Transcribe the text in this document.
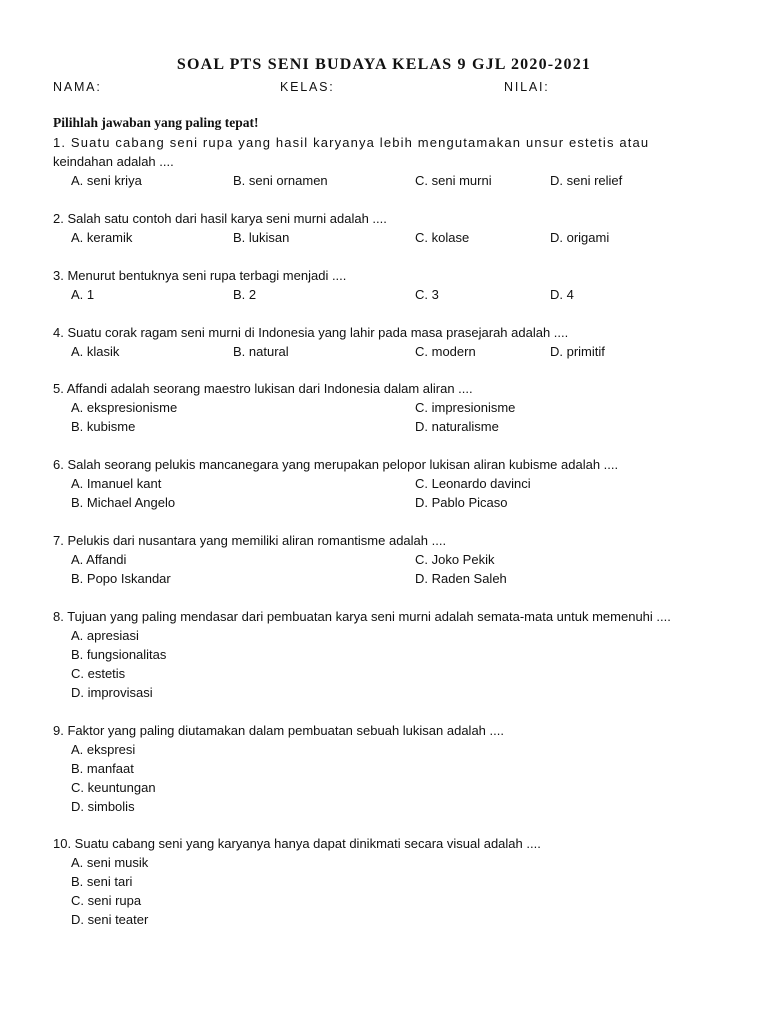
SOAL PTS SENI BUDAYA KELAS 9 GJL 2020-2021
NAMA:	KELAS:	NILAI:
Pilihlah jawaban yang paling tepat!
1. Suatu cabang seni rupa yang hasil karyanya lebih mengutamakan unsur estetis atau
keindahan adalah ....
A. seni kriya	B. seni ornamen	C. seni murni	D. seni relief
2. Salah satu contoh dari hasil karya seni murni adalah ....
A. keramik	B. lukisan	C. kolase	D. origami
3. Menurut bentuknya seni rupa terbagi menjadi ....
A. 1	B. 2	C. 3	D. 4
4. Suatu corak ragam seni murni di Indonesia yang lahir pada masa prasejarah adalah ....
A. klasik	B. natural	C. modern	D. primitif
5. Affandi adalah seorang maestro lukisan dari Indonesia dalam aliran ....
A. ekspresionisme	C. impresionisme
B. kubisme	D. naturalisme
6. Salah seorang pelukis mancanegara yang merupakan pelopor lukisan aliran kubisme adalah ....
A. Imanuel kant	C. Leonardo davinci
B. Michael Angelo	D. Pablo Picaso
7. Pelukis dari nusantara yang memiliki aliran romantisme adalah ....
A. Affandi	C. Joko Pekik
B. Popo Iskandar	D. Raden Saleh
8. Tujuan yang paling mendasar dari pembuatan karya seni murni adalah semata-mata untuk memenuhi ....
A. apresiasi
B. fungsionalitas
C. estetis
D. improvisasi
9. Faktor yang paling diutamakan dalam pembuatan sebuah lukisan adalah ....
A. ekspresi
B. manfaat
C. keuntungan
D. simbolis
10. Suatu cabang seni yang karyanya hanya dapat dinikmati secara visual adalah ....
A. seni musik
B. seni tari
C. seni rupa
D. seni teater
